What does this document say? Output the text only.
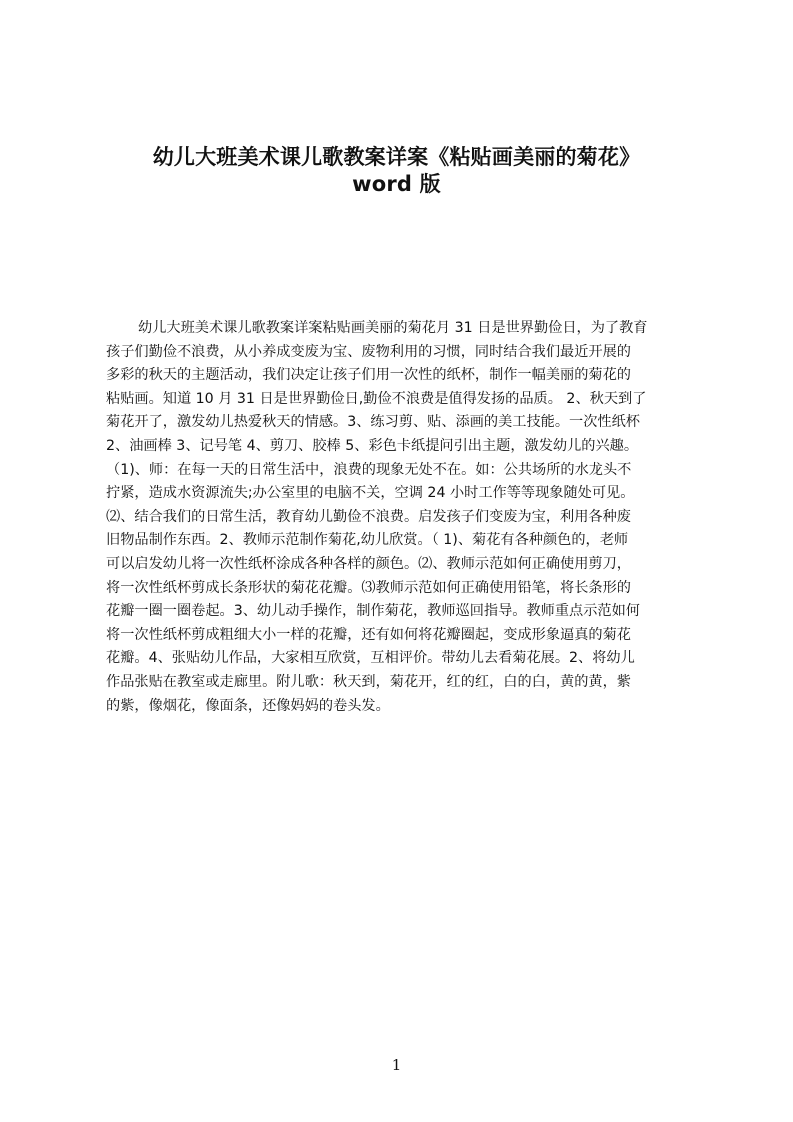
幼儿大班美术课儿歌教案详案《粘贴画美丽的菊花》
word 版
幼儿大班美术课儿歌教案详案粘贴画美丽的菊花月 31 日是世界勤俭日，为了教育
孩子们勤俭不浪费，从小养成变废为宝、废物利用的习惯，同时结合我们最近开展的
多彩的秋天的主题活动，我们决定让孩子们用一次性的纸杯，制作一幅美丽的菊花的
粘贴画。知道 10 月 31 日是世界勤俭日,勤俭不浪费是值得发扬的品质。 2、秋天到了
菊花开了，激发幼儿热爱秋天的情感。3、练习剪、贴、添画的美工技能。一次性纸杯
2、油画棒 3、记号笔 4、剪刀、胶棒 5、彩色卡纸提问引出主题，激发幼儿的兴趣。
（1)、师：在每一天的日常生活中，浪费的现象无处不在。如：公共场所的水龙头不
拧紧，造成水资源流失;办公室里的电脑不关，空调 24 小时工作等等现象随处可见。
⑵、结合我们的日常生活，教育幼儿勤俭不浪费。启发孩子们变废为宝，利用各种废
旧物品制作东西。2、教师示范制作菊花,幼儿欣赏。（ 1)、菊花有各种颜色的，老师
可以启发幼儿将一次性纸杯涂成各种各样的颜色。⑵、教师示范如何正确使用剪刀，
将一次性纸杯剪成长条形状的菊花花瓣。⑶教师示范如何正确使用铅笔，将长条形的
花瓣一圈一圈卷起。3、幼儿动手操作，制作菊花，教师巡回指导。教师重点示范如何
将一次性纸杯剪成粗细大小一样的花瓣，还有如何将花瓣圈起，变成形象逼真的菊花
花瓣。4、张贴幼儿作品，大家相互欣赏，互相评价。带幼儿去看菊花展。2、将幼儿
作品张贴在教室或走廊里。附儿歌：秋天到，菊花开，红的红，白的白，黄的黄，紫
的紫，像烟花，像面条，还像妈妈的卷头发。
1
